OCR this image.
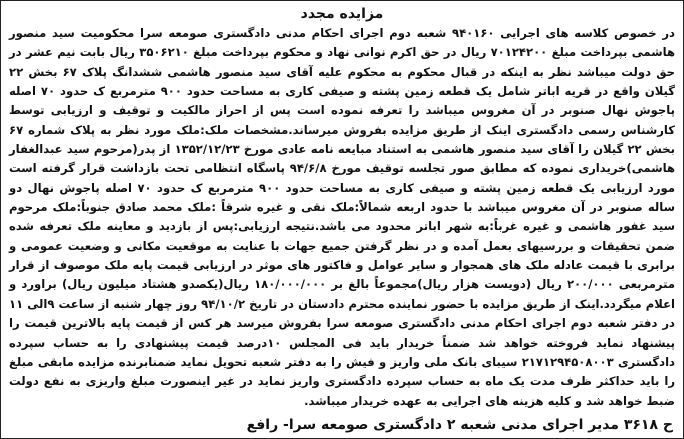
مزایده مجدد

در خصوص کلاسه های اجرایی ۹۴۰۱۶۰ شعبه دوم اجرای احکام مدنی دادگستری صومعه سرا محکومیت سید منصور هاشمی بپرداخت مبلغ ۷۰۱۲۴۲۰۰ ریال در حق اکرم نوانی نهاد و محکوم بپرداخت مبلغ ۳۵۰۶۲۱۰ ریال بابت نیم عشر در حق دولت میباشد نظر به اینکه در قبال محکوم به محکوم علیه آقای سید منصور هاشمی ششدانگ پلاک ۶۷ بخش ۲۲ گیلان واقع در قریه اباتر شامل یک قطعه زمین پشته و صیفی کاری به مساحت حدود ۹۰۰ مترمربع ک حدود ۷۰ اصله پاجوش نهال صنوبر در آن مغروس میباشد را تعرفه نموده است پس از احراز مالکیت و توقیف و ارزیابی توسط کارشناس رسمی دادگستری اینک از طریق مزایده بفروش میرساند.مشخصات ملک:ملک مورد نظر به پلاک شماره ۶۷ بخش ۲۲ گیلان را آقای سید منصور هاشمی به استناد مبایعه نامه عادی مورخ ۱۳۵۲/۱۲/۲۳ از پدر(مرحوم سید عبدالغفار هاشمی)خریداری نموده که مطابق صور تجلسه توقیف مورخ ۹۴/۶/۸ پاسگاه انتظامی تحت بازداشت قرار گرفته است مورد ارزیابی یک قطعه زمین پشته و صیفی کاری به مساحت حدود ۹۰۰ مترمربع ک حدود ۷۰ اصله پاجوش نهال دو ساله صنوبر در آن مغروس میباشد با حدود اربعه شمالاً:ملک نقی و غیره شرقاً :ملک محمد صادق جنوباً:ملک مرحوم سید غفور هاشمی و غیره غرباً:به شهر اباتر محدود می باشد.نتیجه ارزیابی:پس از بازدید و معاینه ملک تعرفه شده ضمن تحقیقات و بررسیهای بعمل آمده و در نظر گرفتن جمیع جهات با عنایت به موقعیت مکانی و وضعیت عمومی و برابری با قیمت عادله ملک های همجوار و سایر عوامل و فاکتور های موثر در ارزیابی قیمت پایه ملک موصوف از قرار مترمربعی ۲۰۰/۰۰۰ ریال (دویست هزار ریال)مجموعاً بالغ بر ۱۸۰/۰۰۰/۰۰۰ ریال(یکصدو هشتاد میلیون ریال) براورد و اعلام میگردد.اینک از طریق مزایده با حضور نماینده محترم دادستان در تاریخ ۹۴/۱۰/۲ روز چهار شنبه از ساعت ۹الی ۱۱ در دفتر شعبه دوم اجرای احکام مدنی دادگستری صومعه سرا بفروش میرسد هر کس از قیمت پایه بالاترین قیمت را پیشنهاد نماید فروخته خواهد شد ضمناً خریدار باید فی المجلس ۱۰درصد قیمت پیشنهادی را به حساب سپرده دادگستری ۲۱۷۱۲۹۴۵۰۸۰۰۳ سیبای بانک ملی واریز و فیش را به دفتر شعبه تحویل نماید ضمنابرنده مزایده مابقی مبلغ را باید حداکثر ظرف مدت یک ماه به حساب سپرده دادگستری واریز نماید در غیر اینصورت مبلغ واریزی به نفع دولت ضبط خواهد شد و کلیه هزینه های اجرایی به عهده خریدار میباشد.

ح ۳۶۱۸ مدیر اجرای مدنی شعبه ۲ دادگستری صومعه سرا- رافع
